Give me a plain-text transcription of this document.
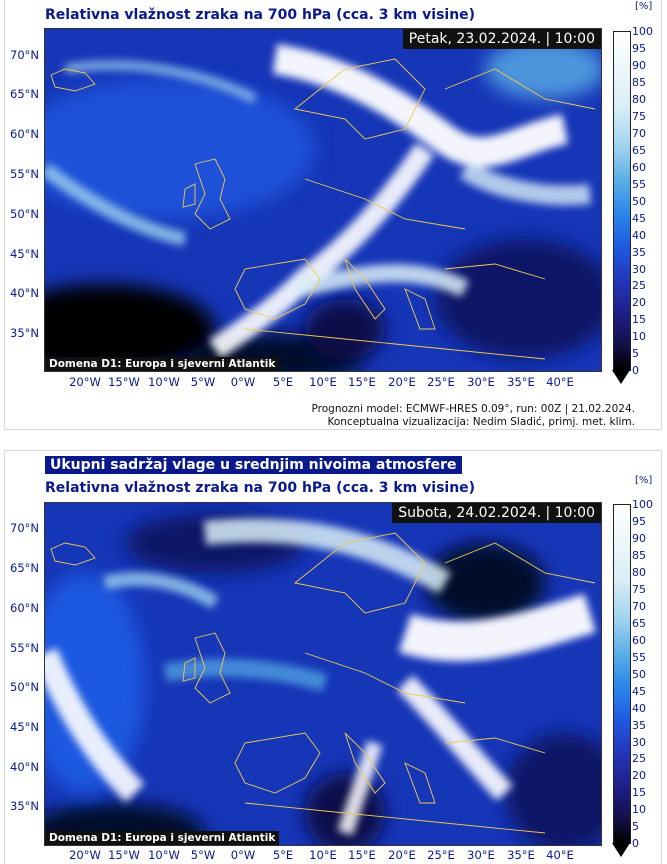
Relativna vlažnost zraka na 700 hPa (cca. 3 km visine)
Petak, 23.02.2024. | 10:00
Domena D1: Europa i sjeverni Atlantik
70°N
65°N
60°N
55°N
50°N
45°N
40°N
35°N
20°W 15°W 10°W 5°W 0°W 5°E 10°E 15°E 20°E 25°E 30°E 35°E 40°E
[%]
100
95
90
85
80
75
70
65
60
55
50
45
40
35
30
25
20
15
10
5
0
Prognozni model: ECMWF-HRES 0.09°, run: 00Z | 21.02.2024.
Konceptualna vizualizacija: Nedim Sladić, primj. met. klim.
Ukupni sadržaj vlage u srednjim nivoima atmosfere
Relativna vlažnost zraka na 700 hPa (cca. 3 km visine)
Subota, 24.02.2024. | 10:00
Domena D1: Europa i sjeverni Atlantik
70°N
65°N
60°N
55°N
50°N
45°N
40°N
35°N
20°W 15°W 10°W 5°W 0°W 5°E 10°E 15°E 20°E 25°E 30°E 35°E 40°E
[%]
100
95
90
85
80
75
70
65
60
55
50
45
40
35
30
25
20
15
10
5
0
